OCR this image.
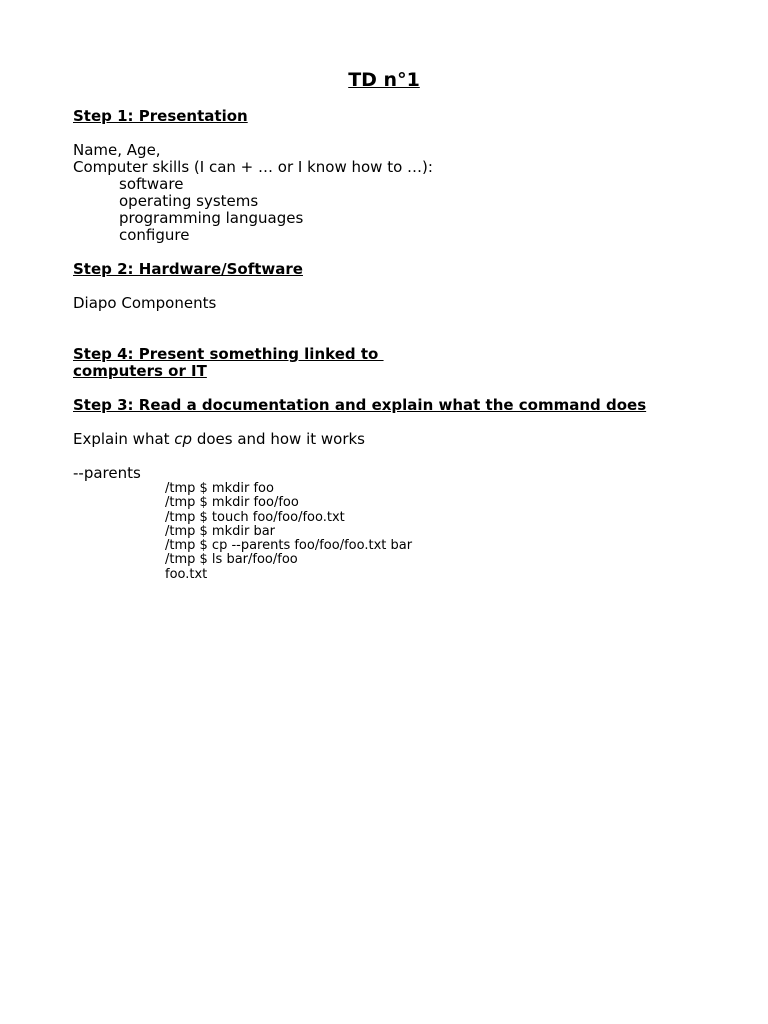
TD n°1
Step 1: Presentation
Name, Age,
Computer skills (I can + … or I know how to …):
software
operating systems
programming languages
configure
Step 2: Hardware/Software
Diapo Components
Step 4: Present something linked to
computers or IT
Step 3: Read a documentation and explain what the command does
Explain what cp does and how it works
--parents
/tmp $ mkdir foo
/tmp $ mkdir foo/foo
/tmp $ touch foo/foo/foo.txt
/tmp $ mkdir bar
/tmp $ cp --parents foo/foo/foo.txt bar
/tmp $ ls bar/foo/foo
foo.txt
